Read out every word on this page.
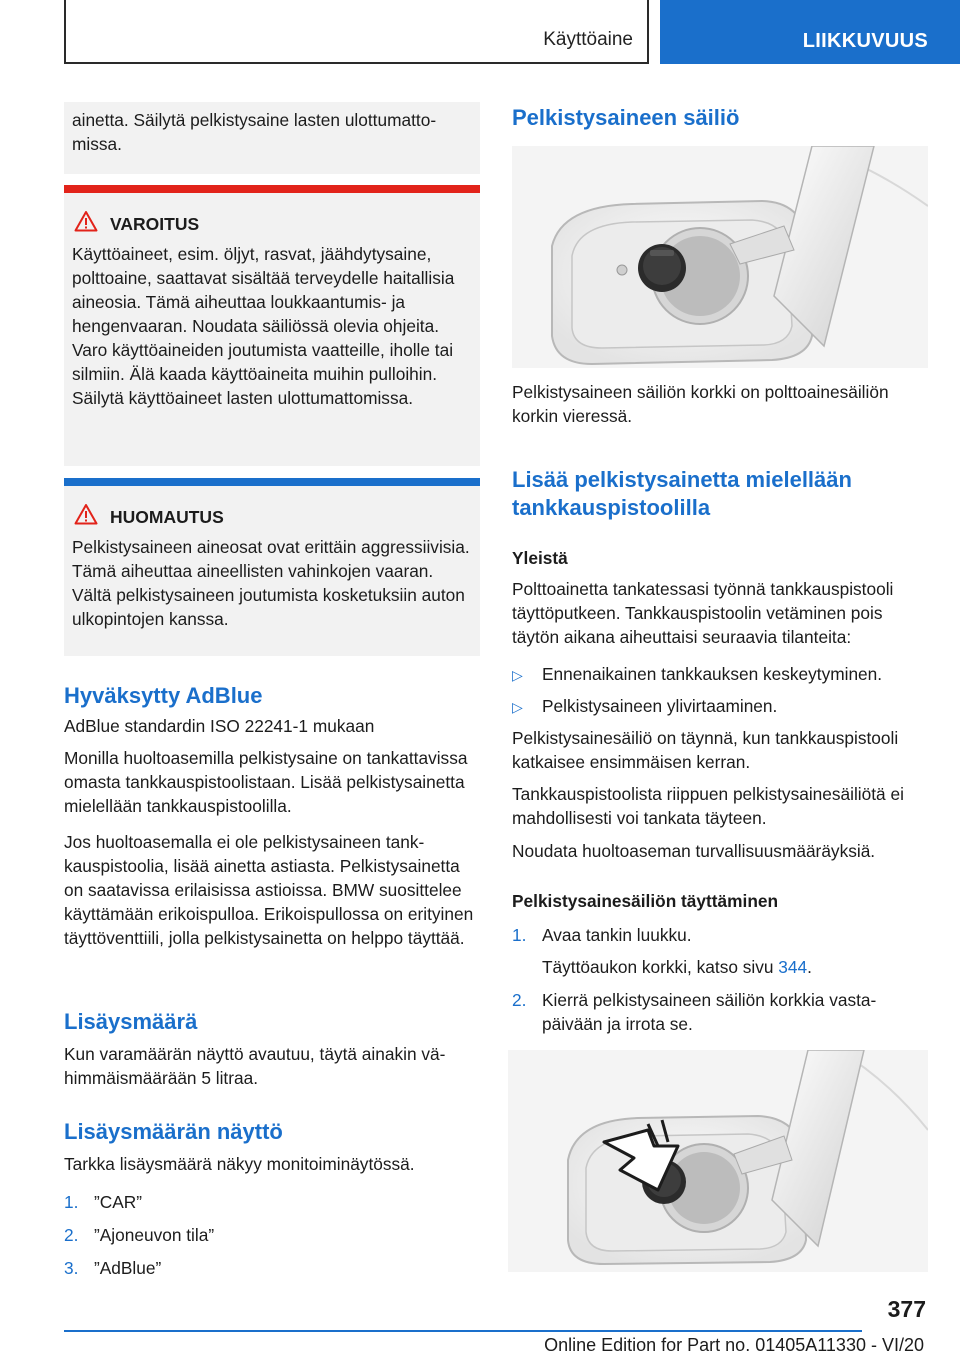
Käyttöaine	LIIKKUVUUS
ainetta. Säilytä pelkistysaine lasten ulottumattomissa.
VAROITUS
Käyttöaineet, esim. öljyt, rasvat, jäähdytysaine, polttoaine, saattavat sisältää terveydelle haitallisia aineosia. Tämä aiheuttaa loukkaantumis- ja hengenvaaran. Noudata säiliössä olevia ohjeita. Varo käyttöaineiden joutumista vaatteille, iholle tai silmiin. Älä kaada käyttöaineita muihin pulloihin. Säilytä käyttöaineet lasten ulottumattomissa.
HUOMAUTUS
Pelkistysaineen aineosat ovat erittäin aggressiivisia. Tämä aiheuttaa aineellisten vahinkojen vaaran. Vältä pelkistysaineen joutumista kosketuksiin auton ulkopintojen kanssa.
Hyväksytty AdBlue
AdBlue standardin ISO 22241-1 mukaan
Monilla huoltoasemilla pelkistysaine on tankattavissa omasta tankkauspistoolistaan. Lisää pelkistysainetta mielellään tankkauspistoolilla.
Jos huoltoasemalla ei ole pelkistysaineen tankkauspistoolia, lisää ainetta astiasta. Pelkistysainetta on saatavissa erilaisissa astioissa. BMW suosittelee käyttämään erikoispulloa. Erikoispullossa on erityinen täyttöventtiili, jolla pelkistysainetta on helppo täyttää.
Lisäysmäärä
Kun varamäärän näyttö avautuu, täytä ainakin vähimmäismäärään 5 litraa.
Lisäysmäärän näyttö
Tarkka lisäysmäärä näkyy monitoiminäytössä.
1. ”CAR”
2. ”Ajoneuvon tila”
3. ”AdBlue”
Pelkistysaineen säiliö
Pelkistysaineen säiliön korkki on polttoainesäiliön korkin vieressä.
Lisää pelkistysainetta mielellään tankkauspistoolilla
Yleistä
Polttoainetta tankatessasi työnnä tankkauspistooli täyttöputkeen. Tankkauspistoolin vetäminen pois täytön aikana aiheuttaisi seuraavia tilanteita:
▷ Ennenaikainen tankkauksen keskeytyminen.
▷ Pelkistysaineen ylivirtaaminen.
Pelkistysainesäiliö on täynnä, kun tankkauspistooli katkaisee ensimmäisen kerran.
Tankkauspistoolista riippuen pelkistysainesäiliötä ei mahdollisesti voi tankata täyteen.
Noudata huoltoaseman turvallisuusmääräyksiä.
Pelkistysainesäiliön täyttäminen
1. Avaa tankin luukku.
Täyttöaukon korkki, katso sivu 344.
2. Kierrä pelkistysaineen säiliön korkkia vastapäivään ja irrota se.
377
Online Edition for Part no. 01405A11330 - VI/20
